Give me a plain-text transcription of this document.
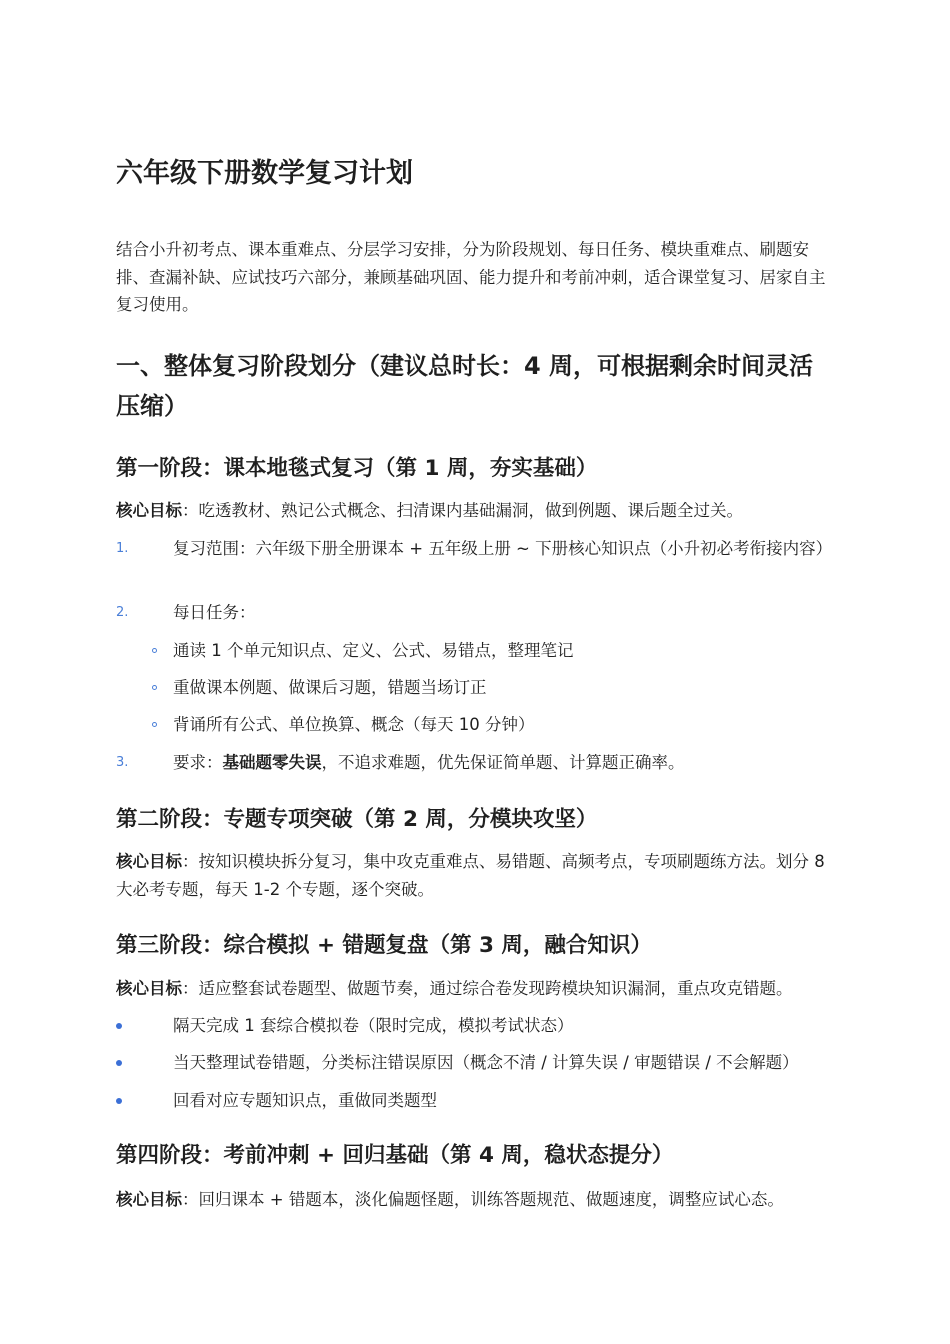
六年级下册数学复习计划

结合小升初考点、课本重难点、分层学习安排，分为阶段规划、每日任务、模块重难点、刷题安排、查漏补缺、应试技巧六部分，兼顾基础巩固、能力提升和考前冲刺，适合课堂复习、居家自主复习使用。

一、整体复习阶段划分（建议总时长：4 周，可根据剩余时间灵活压缩）
第一阶段：课本地毯式复习（第 1 周，夯实基础）

核心目标：吃透教材、熟记公式概念、扫清课内基础漏洞，做到例题、课后题全过关。

1.	复习范围：六年级下册全册课本 + 五年级上册 ~ 下册核心知识点（小升初必考衔接内容）
2.	每日任务：
通读 1 个单元知识点、定义、公式、易错点，整理笔记
重做课本例题、做课后习题，错题当场订正
背诵所有公式、单位换算、概念（每天 10 分钟）
3.	要求：基础题零失误，不追求难题，优先保证简单题、计算题正确率。
第二阶段：专题专项突破（第 2 周，分模块攻坚）

核心目标：按知识模块拆分复习，集中攻克重难点、易错题、高频考点，专项刷题练方法。划分 8 大必考专题，每天 1-2 个专题，逐个突破。

第三阶段：综合模拟 + 错题复盘（第 3 周，融合知识）

核心目标：适应整套试卷题型、做题节奏，通过综合卷发现跨模块知识漏洞，重点攻克错题。

隔天完成 1 套综合模拟卷（限时完成，模拟考试状态）
当天整理试卷错题，分类标注错误原因（概念不清 / 计算失误 / 审题错误 / 不会解题）
回看对应专题知识点，重做同类题型
第四阶段：考前冲刺 + 回归基础（第 4 周，稳状态提分）

核心目标：回归课本 + 错题本，淡化偏题怪题，训练答题规范、做题速度，调整应试心态。
